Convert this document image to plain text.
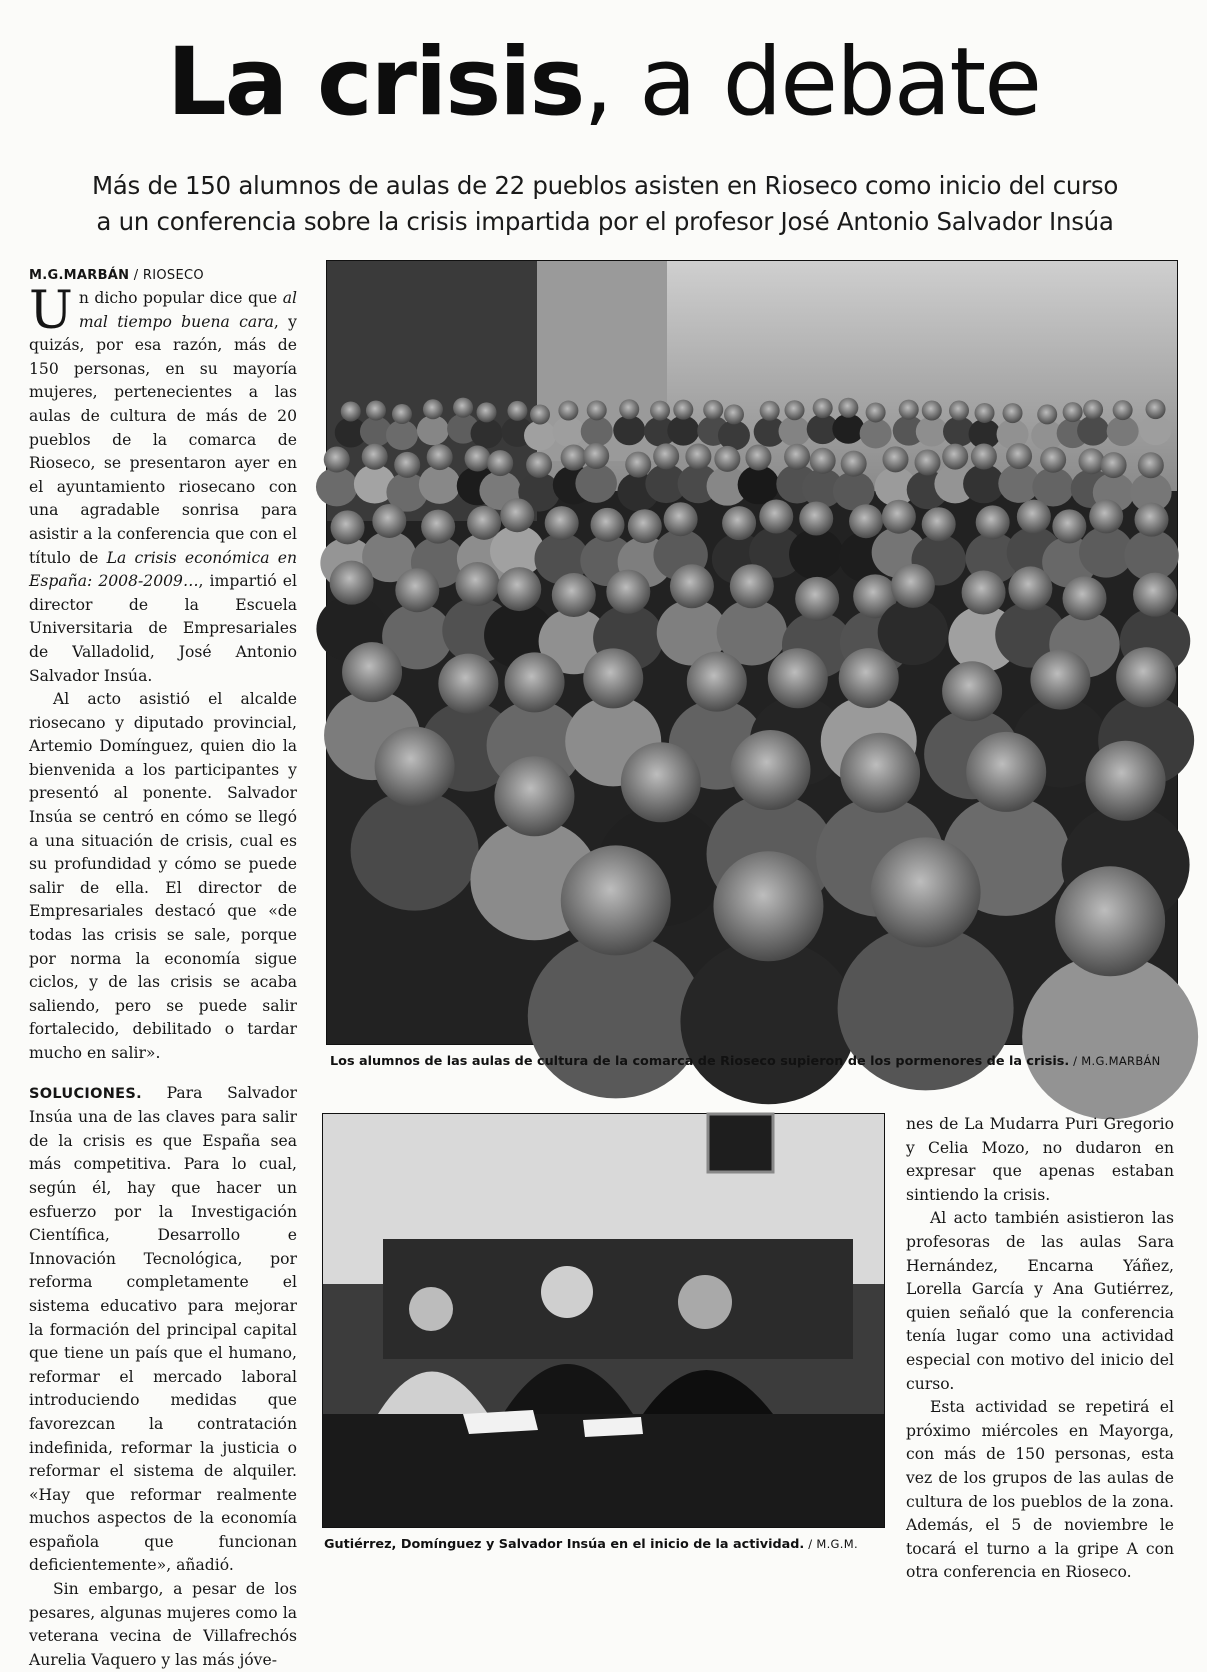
La crisis, a debate
Más de 150 alumnos de aulas de 22 pueblos asisten en Rioseco como inicio del curso
a un conferencia sobre la crisis impartida por el profesor José Antonio Salvador Insúa
M.G.MARBÁN / RIOSECO

Un dicho popular dice que al mal tiempo buena cara, y quizás, por esa razón, más de 150 personas, en su mayoría mujeres, pertenecientes a las aulas de cultura de más de 20 pueblos de la comarca de Rioseco, se presentaron ayer en el ayuntamiento riosecano con una agradable sonrisa para asistir a la conferencia que con el título de La crisis económica en España: 2008-2009…, impartió el director de la Escuela Universitaria de Empresariales de Valladolid, José Antonio Salvador Insúa.

Al acto asistió el alcalde riosecano y diputado provincial, Artemio Domínguez, quien dio la bienvenida a los participantes y presentó al ponente. Salvador Insúa se centró en cómo se llegó a una situación de crisis, cual es su profundidad y cómo se puede salir de ella. El director de Empresariales destacó que «de todas las crisis se sale, porque por norma la economía sigue ciclos, y de las crisis se acaba saliendo, pero se puede salir fortalecido, debilitado o tardar mucho en salir».

SOLUCIONES. Para Salvador Insúa una de las claves para salir de la crisis es que España sea más competitiva. Para lo cual, según él, hay que hacer un esfuerzo por la Investigación Científica, Desarrollo e Innovación Tecnológica, por reforma completamente el sistema educativo para mejorar la formación del principal capital que tiene un país que el humano, reformar el mercado laboral introduciendo medidas que favorezcan la contratación indefinida, reformar la justicia o reformar el sistema de alquiler. «Hay que reformar realmente muchos aspectos de la economía española que funcionan deficientemente», añadió.

Sin embargo, a pesar de los pesares, algunas mujeres como la veterana vecina de Villafrechós Aurelia Vaquero y las más jóve-

Los alumnos de las aulas de cultura de la comarca de Rioseco supieron de los pormenores de la crisis. / M.G.MARBÁN
Gutiérrez, Domínguez y Salvador Insúa en el inicio de la actividad. / M.G.M.

nes de La Mudarra Puri Gregorio y Celia Mozo, no dudaron en expresar que apenas estaban sintiendo la crisis.

Al acto también asistieron las profesoras de las aulas Sara Hernández, Encarna Yáñez, Lorella García y Ana Gutiérrez, quien señaló que la conferencia tenía lugar como una actividad especial con motivo del inicio del curso.

Esta actividad se repetirá el próximo miércoles en Mayorga, con más de 150 personas, esta vez de los grupos de las aulas de cultura de los pueblos de la zona. Además, el 5 de noviembre le tocará el turno a la gripe A con otra conferencia en Rioseco.
